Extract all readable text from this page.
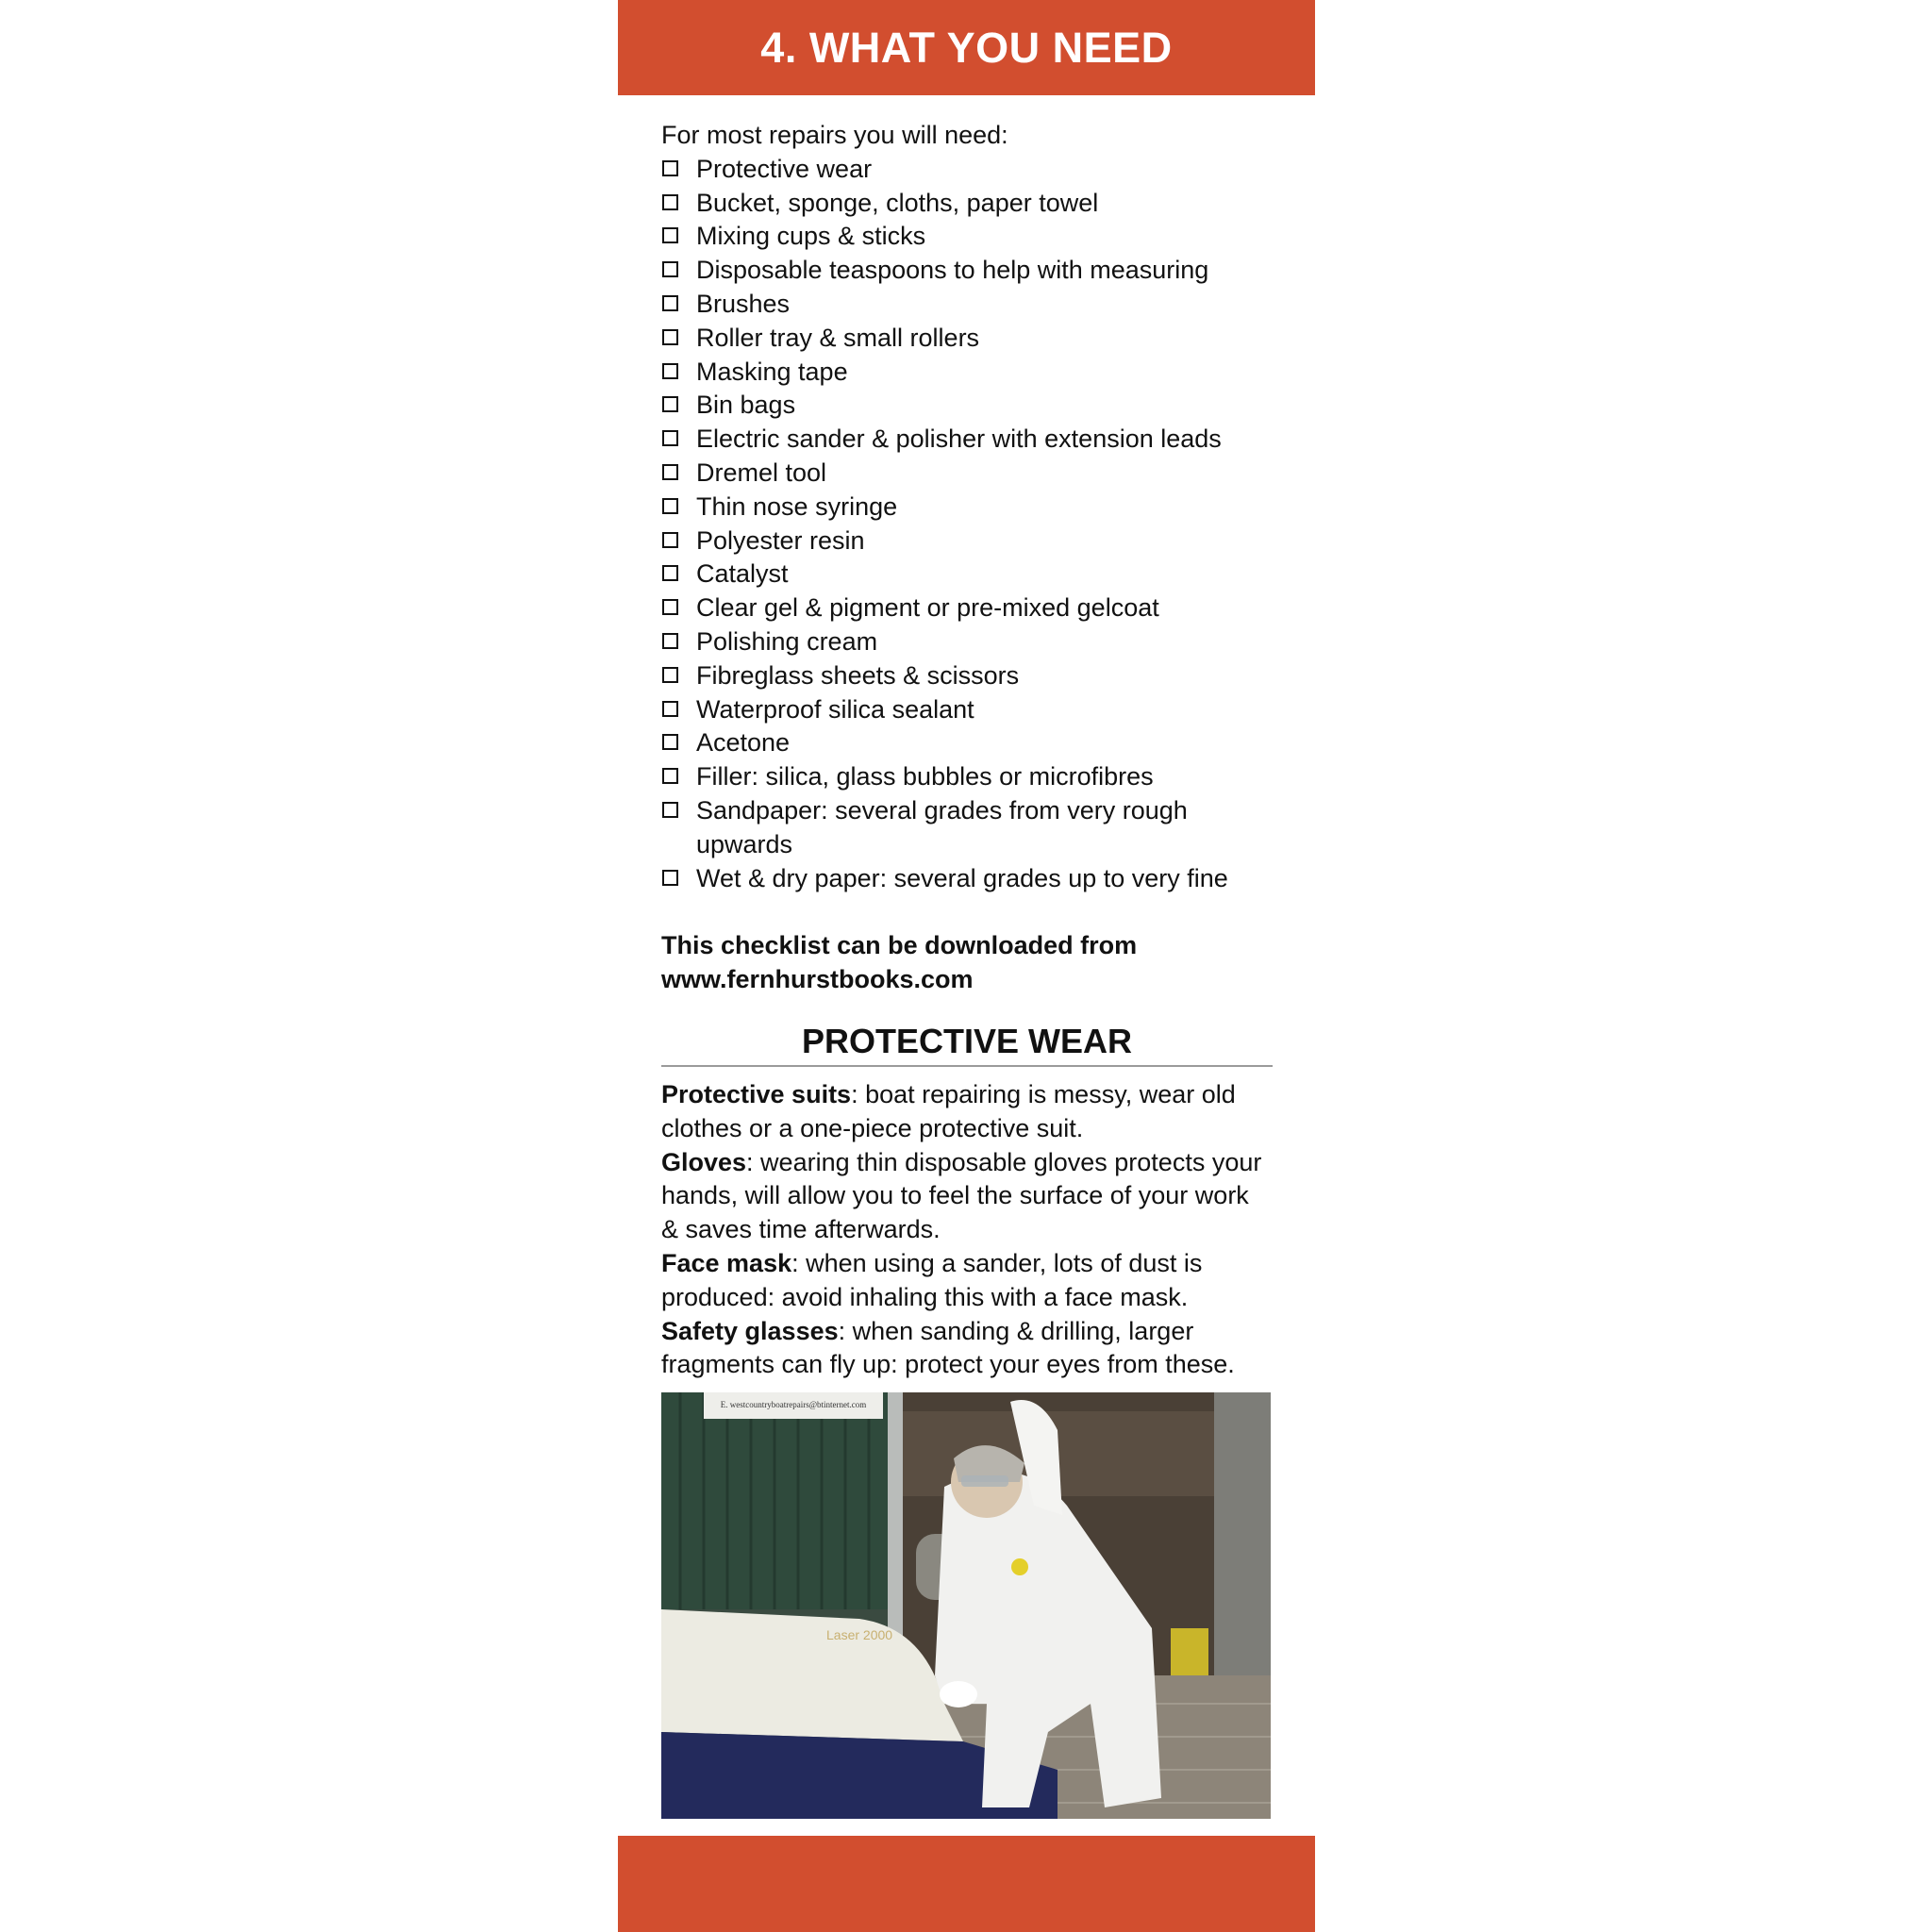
4. WHAT YOU NEED

For most repairs you will need:

Protective wear
Bucket, sponge, cloths, paper towel
Mixing cups & sticks
Disposable teaspoons to help with measuring
Brushes
Roller tray & small rollers
Masking tape
Bin bags
Electric sander & polisher with extension leads
Dremel tool
Thin nose syringe
Polyester resin
Catalyst
Clear gel & pigment or pre-mixed gelcoat
Polishing cream
Fibreglass sheets & scissors
Waterproof silica sealant
Acetone
Filler: silica, glass bubbles or microfibres
Sandpaper: several grades from very rough upwards
Wet & dry paper: several grades up to very fine

This checklist can be downloaded from
www.fernhurstbooks.com

PROTECTIVE WEAR

Protective suits: boat repairing is messy, wear old clothes or a one-piece protective suit.

Gloves: wearing thin disposable gloves protects your hands, will allow you to feel the surface of your work & saves time afterwards.

Face mask: when using a sander, lots of dust is produced: avoid inhaling this with a face mask.

Safety glasses: when sanding & drilling, larger fragments can fly up: protect your eyes from these.

E. westcountryboatrepairs@btinternet.com
Laser 2000
